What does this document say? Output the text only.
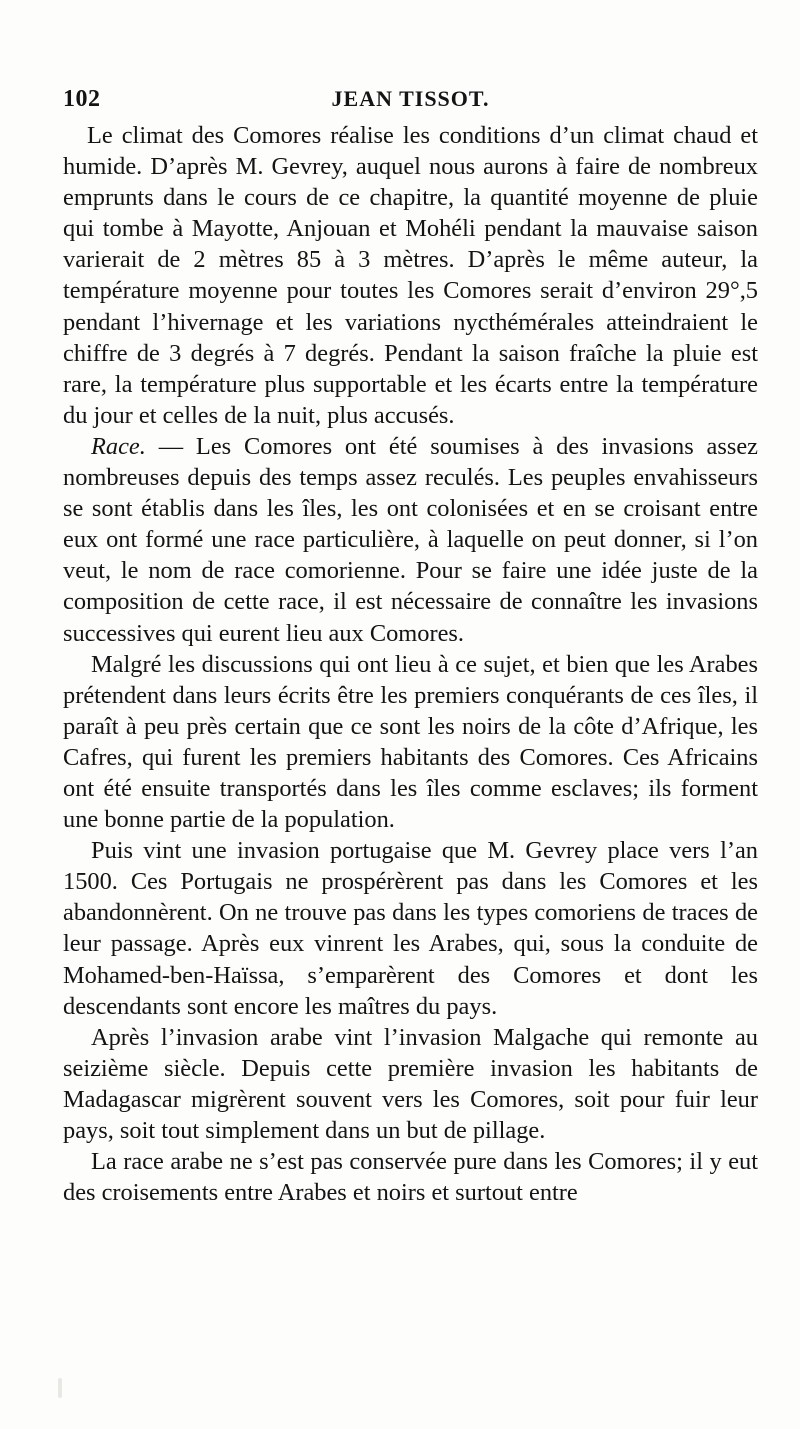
102	JEAN TISSOT.

Le climat des Comores réalise les conditions d’un climat chaud et humide. D’après M. Gevrey, auquel nous aurons à faire de nombreux emprunts dans le cours de ce chapitre, la quantité moyenne de pluie qui tombe à Mayotte, Anjouan et Mohéli pendant la mauvaise saison varierait de 2 mètres 85 à 3 mètres. D’après le même auteur, la température moyenne pour toutes les Comores serait d’environ 29°,5 pendant l’hivernage et les variations nycthémérales atteindraient le chiffre de 3 degrés à 7 degrés. Pendant la saison fraîche la pluie est rare, la température plus supportable et les écarts entre la température du jour et celles de la nuit, plus accusés.

Race. — Les Comores ont été soumises à des invasions assez nombreuses depuis des temps assez reculés. Les peuples envahisseurs se sont établis dans les îles, les ont colonisées et en se croisant entre eux ont formé une race particulière, à laquelle on peut donner, si l’on veut, le nom de race comorienne. Pour se faire une idée juste de la composition de cette race, il est nécessaire de connaître les invasions successives qui eurent lieu aux Comores.

Malgré les discussions qui ont lieu à ce sujet, et bien que les Arabes prétendent dans leurs écrits être les premiers conquérants de ces îles, il paraît à peu près certain que ce sont les noirs de la côte d’Afrique, les Cafres, qui furent les premiers habitants des Comores. Ces Africains ont été ensuite transportés dans les îles comme esclaves; ils forment une bonne partie de la population.

Puis vint une invasion portugaise que M. Gevrey place vers l’an 1500. Ces Portugais ne prospérèrent pas dans les Comores et les abandonnèrent. On ne trouve pas dans les types comoriens de traces de leur passage. Après eux vinrent les Arabes, qui, sous la conduite de Mohamed-ben-Haïssa, s’emparèrent des Comores et dont les descendants sont encore les maîtres du pays.

Après l’invasion arabe vint l’invasion Malgache qui remonte au seizième siècle. Depuis cette première invasion les habitants de Madagascar migrèrent souvent vers les Comores, soit pour fuir leur pays, soit tout simplement dans un but de pillage.

La race arabe ne s’est pas conservée pure dans les Comores; il y eut des croisements entre Arabes et noirs et surtout entre
